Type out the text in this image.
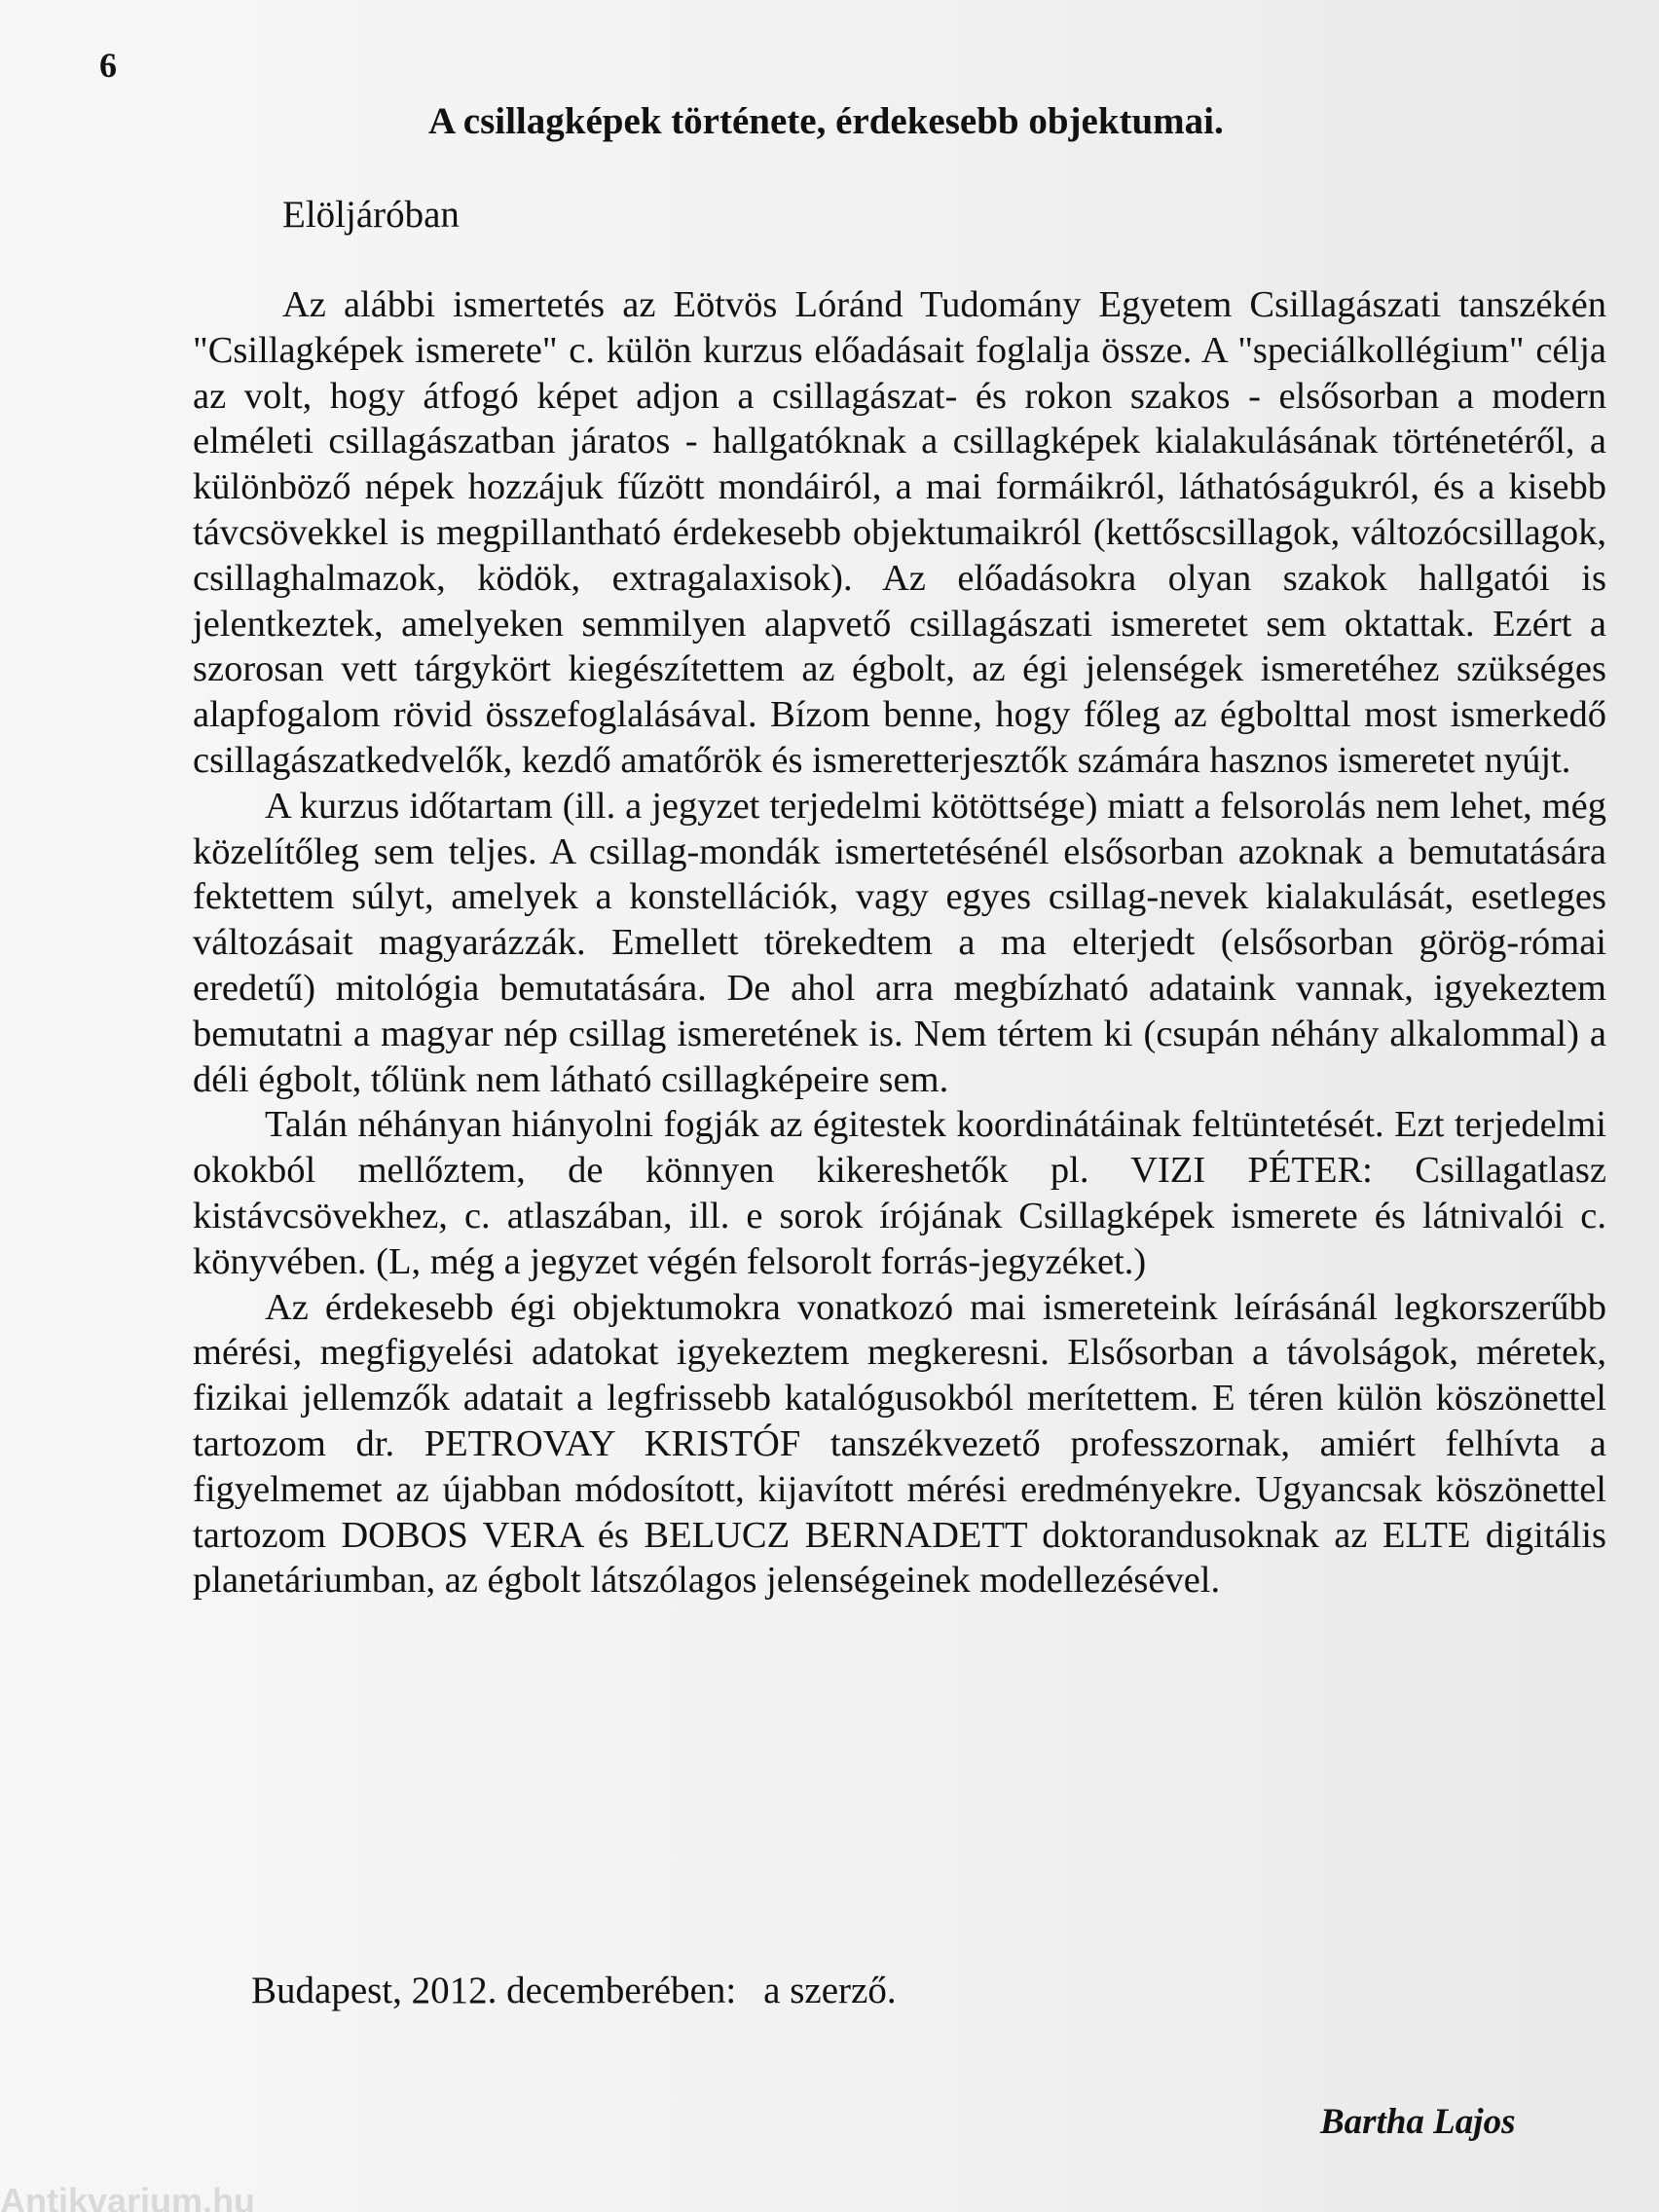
6
A csillagképek története, érdekesebb objektumai.
Elöljáróban

Az alábbi ismertetés az Eötvös Lóránd Tudomány Egyetem Csillagászati tanszékén "Csillagképek ismerete" c. külön kurzus előadásait foglalja össze. A "speciálkollégium" célja az volt, hogy átfogó képet adjon a csillagászat- és rokon szakos - elsősorban a modern elméleti csillagászatban járatos - hallgatóknak a csillagképek kialakulásának történetéről, a különböző népek hozzájuk fűzött mondáiról, a mai formáikról, láthatóságukról, és a kisebb távcsövekkel is megpillantható érdekesebb objektumaikról (kettőscsillagok, változócsillagok, csillaghalmazok, ködök, extragalaxisok). Az előadásokra olyan szakok hallgatói is jelentkeztek, amelyeken semmilyen alapvető csillagászati ismeretet sem oktattak. Ezért a szorosan vett tárgykört kiegészítettem az égbolt, az égi jelenségek ismeretéhez szükséges alapfogalom rövid összefoglalásával. Bízom benne, hogy főleg az égbolttal most ismerkedő csillagászatkedvelők, kezdő amatőrök és ismeretterjesztők számára hasznos ismeretet nyújt.

A kurzus időtartam (ill. a jegyzet terjedelmi kötöttsége) miatt a felsorolás nem lehet, még közelítőleg sem teljes. A csillag-mondák ismertetésénél elsősorban azoknak a bemutatására fektettem súlyt, amelyek a konstellációk, vagy egyes csillag-nevek kialakulását, esetleges változásait magyarázzák. Emellett törekedtem a ma elterjedt (elsősorban görög-római eredetű) mitológia bemutatására. De ahol arra megbízható adataink vannak, igyekeztem bemutatni a magyar nép csillag ismeretének is. Nem tértem ki (csupán néhány alkalommal) a déli égbolt, tőlünk nem látható csillagképeire sem.

Talán néhányan hiányolni fogják az égitestek koordinátáinak feltüntetését. Ezt terjedelmi okokból mellőztem, de könnyen kikereshetők pl. VIZI PÉTER: Csillagatlasz kistávcsövekhez, c. atlaszában, ill. e sorok írójának Csillagképek ismerete és látnivalói c. könyvében. (L, még a jegyzet végén felsorolt forrás-jegyzéket.)

Az érdekesebb égi objektumokra vonatkozó mai ismereteink leírásánál legkorszerűbb mérési, megfigyelési adatokat igyekeztem megkeresni. Elsősorban a távolságok, méretek, fizikai jellemzők adatait a legfrissebb katalógusokból merítettem. E téren külön köszönettel tartozom dr. PETROVAY KRISTÓF tanszékvezető professzornak, amiért felhívta a figyelmemet az újabban módosított, kijavított mérési eredményekre. Ugyancsak köszönettel tartozom DOBOS VERA és BELUCZ BERNADETT doktorandusoknak az ELTE digitális planetáriumban, az égbolt látszólagos jelenségeinek modellezésével.

Budapest, 2012. decemberében: a szerző.
Bartha Lajos
Antikvarium.hu
